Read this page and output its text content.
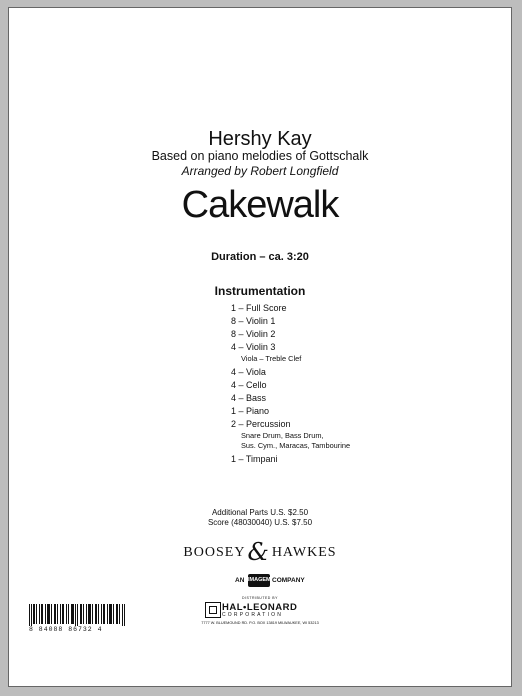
Hershy Kay
Based on piano melodies of Gottschalk
Arranged by Robert Longfield
Cakewalk
Duration – ca. 3:20
Instrumentation
1 – Full Score
8 – Violin 1
8 – Violin 2
4 – Violin 3
Viola – Treble Clef
4 – Viola
4 – Cello
4 – Bass
1 – Piano
2 – Percussion
Snare Drum, Bass Drum,
Sus. Cym., Maracas, Tambourine
1 – Timpani
Additional Parts U.S. $2.50
Score (48030040) U.S. $7.50
BOOSEY& HAWKES
AN IMAGEM COMPANY
DISTRIBUTED BY
HAL•LEONARD
CORPORATION
7777 W. BLUEMOUND RD. P.O. BOX 13819 MILWAUKEE, WI 53213
8 84088 86732 4
